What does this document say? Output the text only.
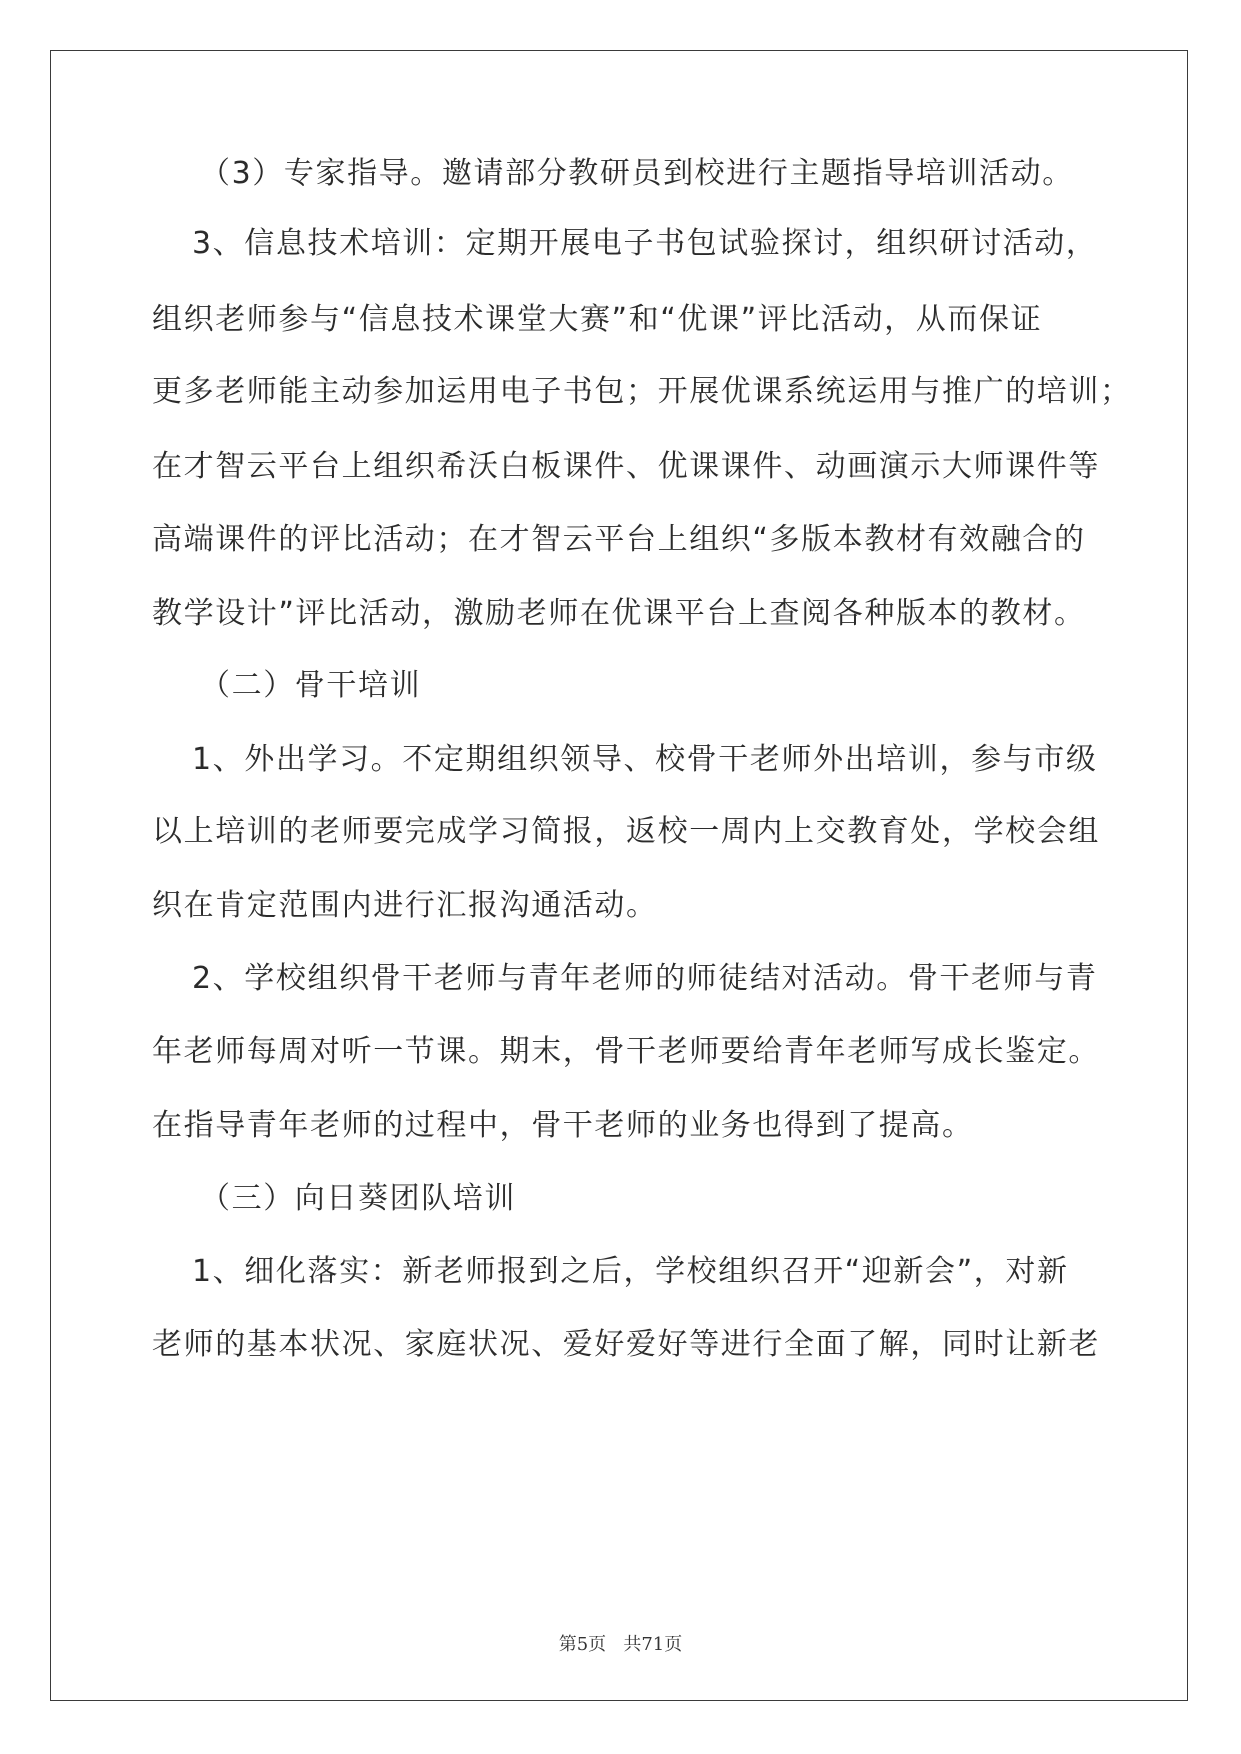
（3）专家指导。邀请部分教研员到校进行主题指导培训活动。
3、信息技术培训：定期开展电子书包试验探讨，组织研讨活动，
组织老师参与“信息技术课堂大赛”和“优课”评比活动，从而保证
更多老师能主动参加运用电子书包；开展优课系统运用与推广的培训；
在才智云平台上组织希沃白板课件、优课课件、动画演示大师课件等
高端课件的评比活动；在才智云平台上组织“多版本教材有效融合的
教学设计”评比活动，激励老师在优课平台上查阅各种版本的教材。
（二）骨干培训
1、外出学习。不定期组织领导、校骨干老师外出培训，参与市级
以上培训的老师要完成学习简报，返校一周内上交教育处，学校会组
织在肯定范围内进行汇报沟通活动。
2、学校组织骨干老师与青年老师的师徒结对活动。骨干老师与青
年老师每周对听一节课。期末，骨干老师要给青年老师写成长鉴定。
在指导青年老师的过程中，骨干老师的业务也得到了提高。
（三）向日葵团队培训
1、细化落实：新老师报到之后，学校组织召开“迎新会”，对新
老师的基本状况、家庭状况、爱好爱好等进行全面了解，同时让新老
第5页 共71页
